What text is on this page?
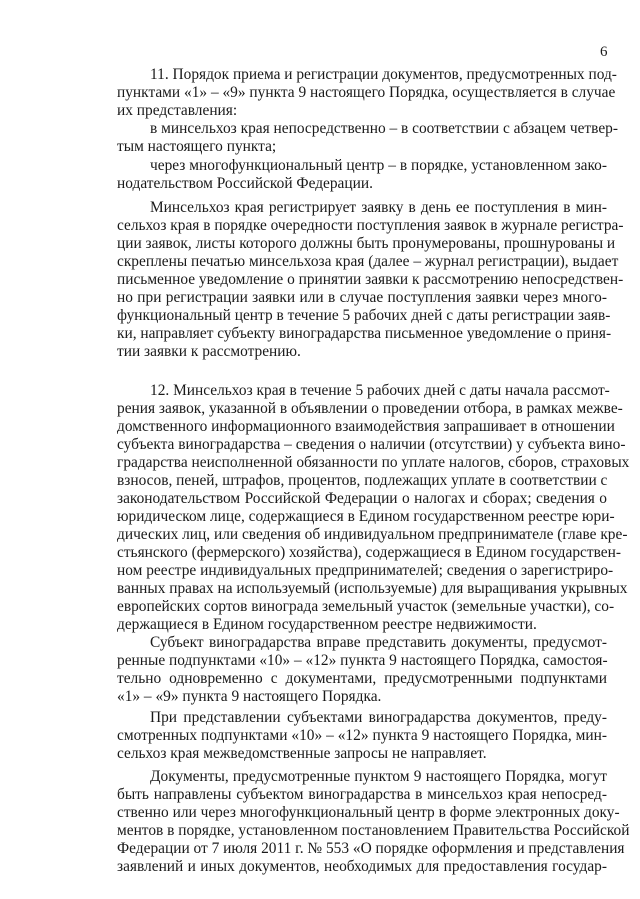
6
11. Порядок приема и регистрации документов, предусмотренных под-
пунктами «1» – «9» пункта 9 настоящего Порядка, осуществляется в случае
их представления:
в минсельхоз края непосредственно – в соответствии с абзацем четвер-
тым настоящего пункта;
через многофункциональный центр – в порядке, установленном зако-
нодательством Российской Федерации.
Минсельхоз края регистрирует заявку в день ее поступления в мин-
сельхоз края в порядке очередности поступления заявок в журнале регистра-
ции заявок, листы которого должны быть пронумерованы, прошнурованы и
скреплены печатью минсельхоза края (далее – журнал регистрации), выдает
письменное уведомление о принятии заявки к рассмотрению непосредствен-
но при регистрации заявки или в случае поступления заявки через много-
функциональный центр в течение 5 рабочих дней с даты регистрации заяв-
ки, направляет субъекту виноградарства письменное уведомление о приня-
тии заявки к рассмотрению.
12. Минсельхоз края в течение 5 рабочих дней с даты начала рассмот-
рения заявок, указанной в объявлении о проведении отбора, в рамках межве-
домственного информационного взаимодействия запрашивает в отношении
субъекта виноградарства – сведения о наличии (отсутствии) у субъекта вино-
градарства неисполненной обязанности по уплате налогов, сборов, страховых
взносов, пеней, штрафов, процентов, подлежащих уплате в соответствии с
законодательством Российской Федерации о налогах и сборах; сведения о
юридическом лице, содержащиеся в Едином государственном реестре юри-
дических лиц, или сведения об индивидуальном предпринимателе (главе кре-
стьянского (фермерского) хозяйства), содержащиеся в Едином государствен-
ном реестре индивидуальных предпринимателей; сведения о зарегистриро-
ванных правах на используемый (используемые) для выращивания укрывных
европейских сортов винограда земельный участок (земельные участки), со-
держащиеся в Едином государственном реестре недвижимости.
Субъект виноградарства вправе представить документы, предусмот-
ренные подпунктами «10» – «12» пункта 9 настоящего Порядка, самостоя-
тельно одновременно с документами, предусмотренными подпунктами
«1» – «9» пункта 9 настоящего Порядка.
При представлении субъектами виноградарства документов, преду-
смотренных подпунктами «10» – «12» пункта 9 настоящего Порядка, мин-
сельхоз края межведомственные запросы не направляет.
Документы, предусмотренные пунктом 9 настоящего Порядка, могут
быть направлены субъектом виноградарства в минсельхоз края непосред-
ственно или через многофункциональный центр в форме электронных доку-
ментов в порядке, установленном постановлением Правительства Российской
Федерации от 7 июля 2011 г. № 553 «О порядке оформления и представления
заявлений и иных документов, необходимых для предоставления государ-
